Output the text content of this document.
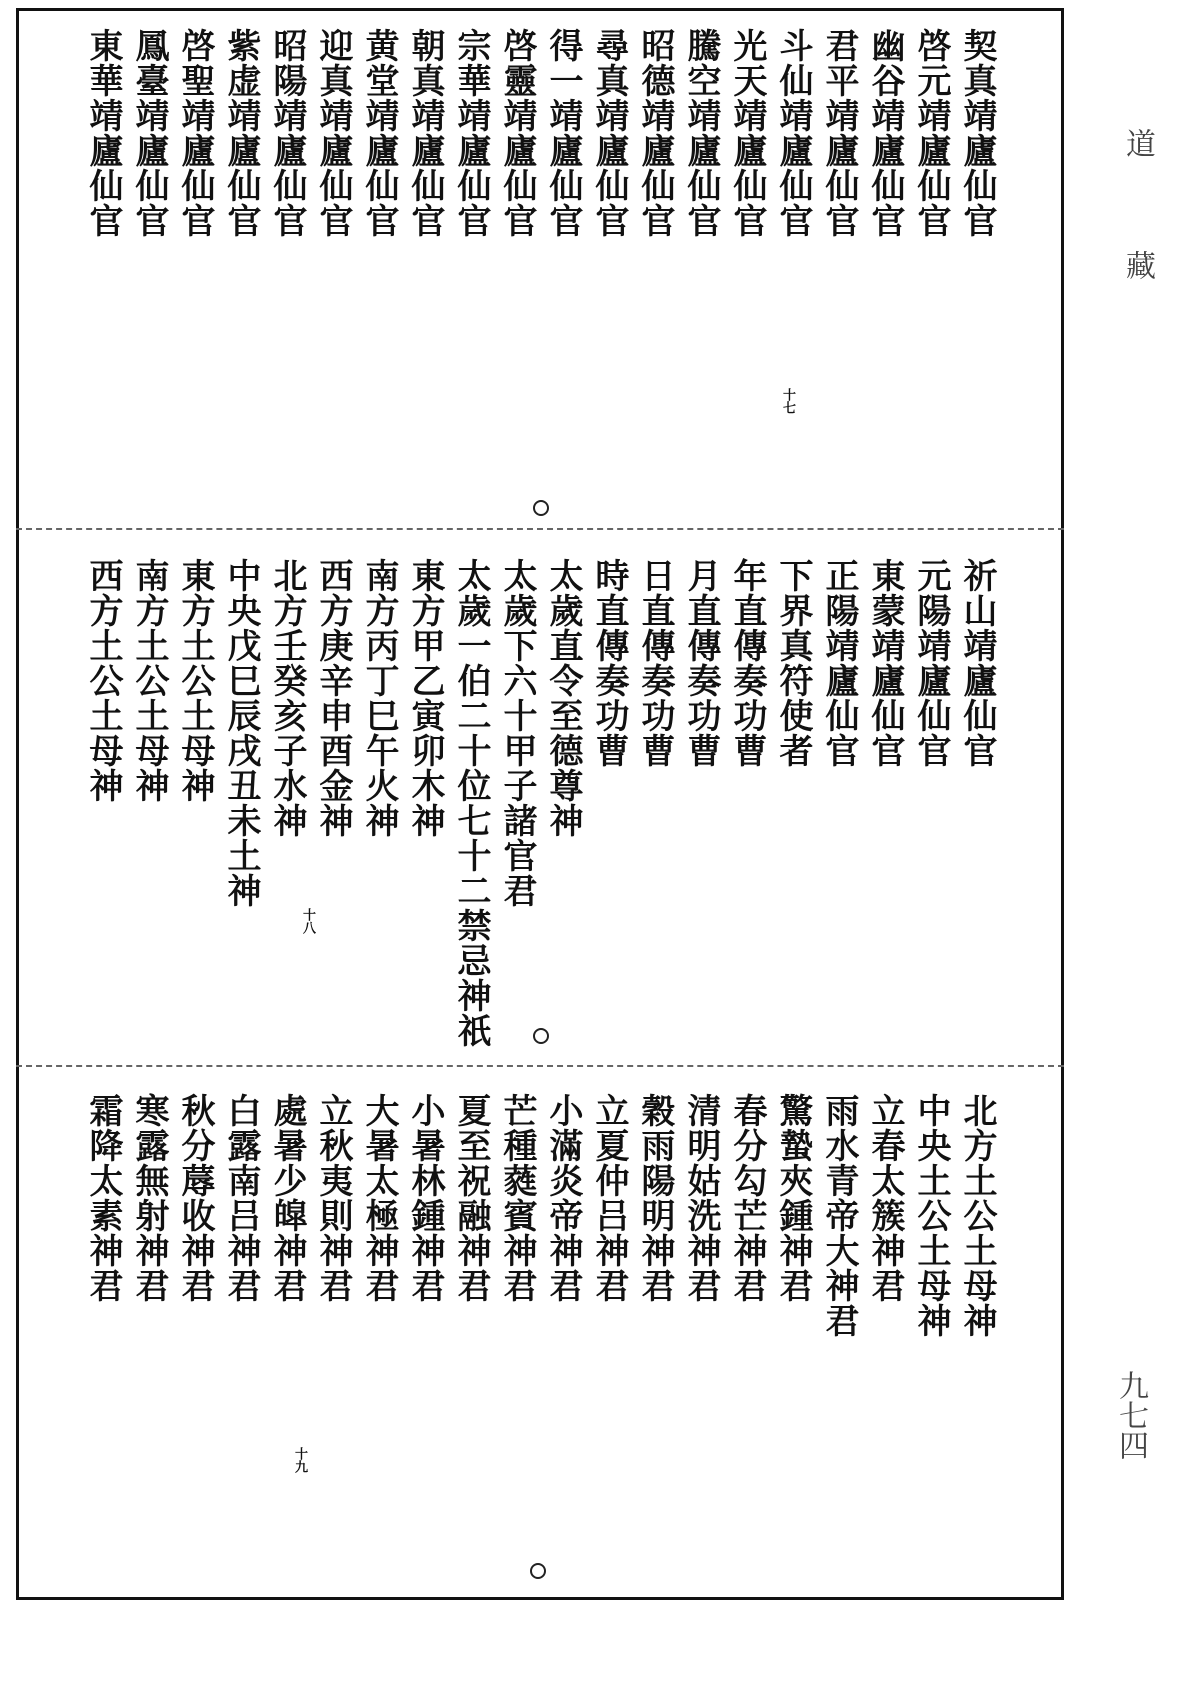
契真靖廬仙官
啓元靖廬仙官
幽谷靖廬仙官
君平靖廬仙官
斗仙靖廬仙官
光天靖廬仙官
騰空靖廬仙官
昭德靖廬仙官
尋真靖廬仙官
得一靖廬仙官
啓靈靖廬仙官
宗華靖廬仙官
朝真靖廬仙官
黄堂靖廬仙官
迎真靖廬仙官
昭陽靖廬仙官
紫虚靖廬仙官
啓聖靖廬仙官
鳳臺靖廬仙官
東華靖廬仙官
十七
祈山靖廬仙官
元陽靖廬仙官
東蒙靖廬仙官
正陽靖廬仙官
下界真符使者
年直傳奏功曹
月直傳奏功曹
日直傳奏功曹
時直傳奏功曹
太歲直令至德尊神
太歲下六十甲子諸官君
太歲一伯二十位七十二禁忌神祇
東方甲乙寅卯木神
南方丙丁巳午火神
西方庚辛申酉金神
北方壬癸亥子水神
中央戊巳辰戌丑未土神
東方土公土母神
南方土公土母神
西方土公土母神
十八
北方土公土母神
中央土公土母神
立春太簇神君
雨水青帝大神君
驚蟄夾鍾神君
春分勾芒神君
清明姑洗神君
穀雨陽明神君
立夏仲吕神君
小滿炎帝神君
芒種蕤賓神君
夏至祝融神君
小暑林鍾神君
大暑太極神君
立秋夷則神君
處暑少皡神君
白露南吕神君
秋分蓐收神君
寒露無射神君
霜降太素神君
十九
道
藏
九七四
